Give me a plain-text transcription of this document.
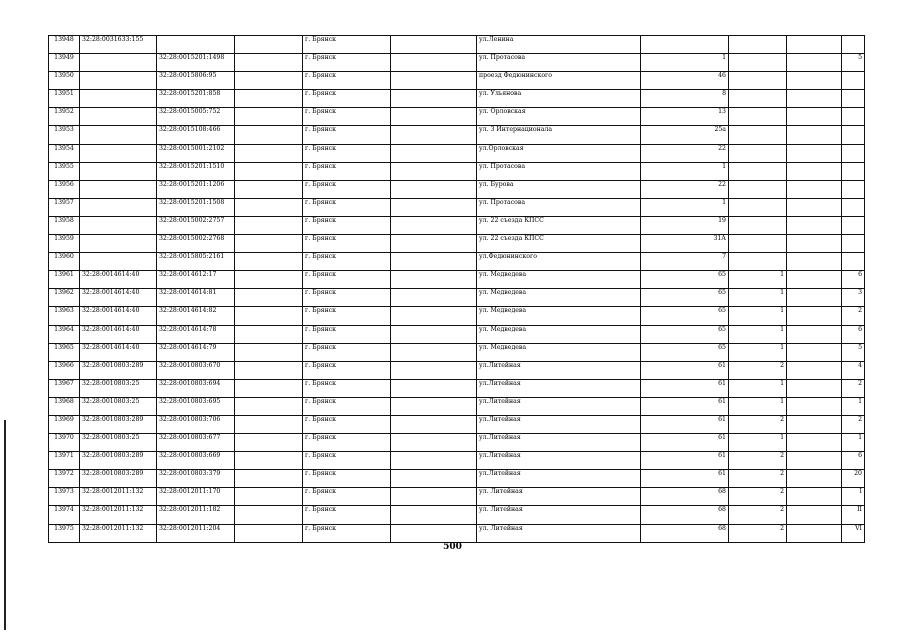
13948	32:28:0031633:155			г. Брянск		ул.Ленина				
13949		32:28:0015201:1498		г. Брянск		ул. Протасова	1			5
13950		32:28:0015806:95		г. Брянск		проезд Федюнинского	46			
13951		32:28:0015201:858		г. Брянск		ул. Ульянова	8			
13952		32:28:0015005:752		г. Брянск		ул. Орловская	13			
13953		32:28:0015108:466		г. Брянск		ул. 3 Интернационала	25а			
13954		32:28:0015001:2102		г. Брянск		ул.Орловская	22			
13955		32:28:0015201:1510		г. Брянск		ул. Протасова	1			
13956		32:28:0015201:1206		г. Брянск		ул. Бурова	22			
13957		32:28:0015201:1508		г. Брянск		ул. Протасова	1			
13958		32:28:0015002:2757		г. Брянск		ул. 22 съезда КПСС	19			
13959		32:28:0015002:2768		г. Брянск		ул. 22 съезда КПСС	31А			
13960		32:28:0015805:2161		г. Брянск		ул.Федюнинского	7			
13961	32:28:0014614:40	32:28:0014612:17		г. Брянск		ул. Медведева	65	1		6
13962	32:28:0014614:40	32:28:0014614:81		г. Брянск		ул. Медведева	65	1		3
13963	32:28:0014614:40	32:28:0014614:82		г. Брянск		ул. Медведева	65	1		2
13964	32:28:0014614:40	32:28:0014614:78		г. Брянск		ул. Медведева	65	1		6
13965	32:28:0014614:40	32:28:0014614:79		г. Брянск		ул. Медведева	65	1		5
13966	32:28:0010803:289	32:28:0010803:670		г. Брянск		ул.Литейная	61	2		4
13967	32:28:0010803:25	32:28:0010803:694		г. Брянск		ул.Литейная	61	1		2
13968	32:28:0010803:25	32:28:0010803:695		г. Брянск		ул.Литейная	61	1		1
13969	32:28:0010803:289	32:28:0010803:706		г. Брянск		ул.Литейная	61	2		2
13970	32:28:0010803:25	32:28:0010803:677		г. Брянск		ул.Литейная	61	1		1
13971	32:28:0010803:289	32:28:0010803:669		г. Брянск		ул.Литейная	61	2		6
13972	32:28:0010803:289	32:28:0010803:379		г. Брянск		ул.Литейная	61	2		20
13973	32:28:0012011:132	32:28:0012011:170		г. Брянск		ул. Литейная	68	2		I
13974	32:28:0012011:132	32:28:0012011:182		г. Брянск		ул. Литейная	68	2		II
13975	32:28:0012011:132	32:28:0012011:204		г. Брянск		ул. Литейная	68	2		VI
500
